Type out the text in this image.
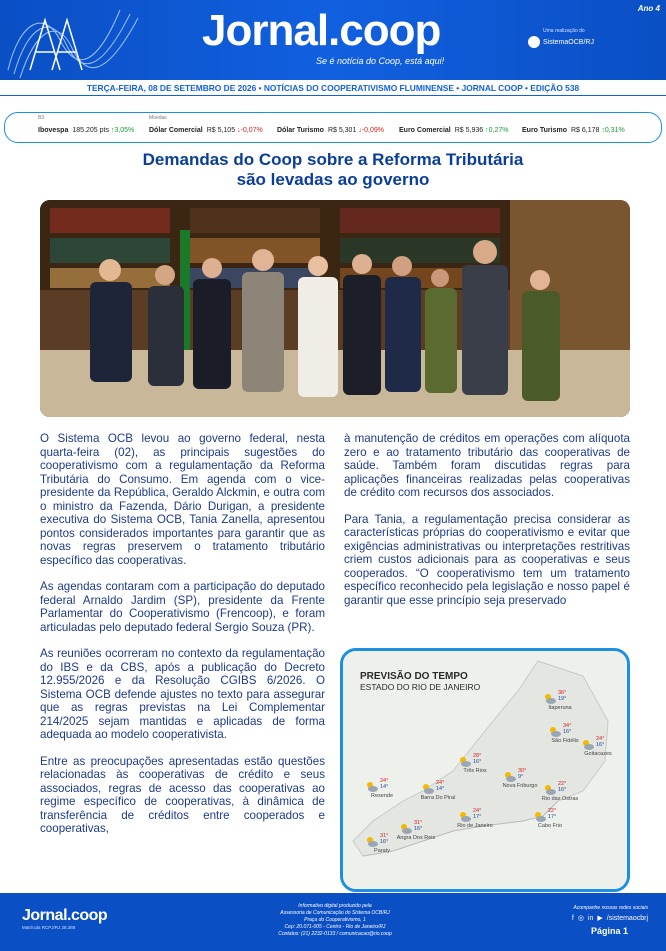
Jornal.coop
Se é notícia do Coop, está aqui!
Ano 4
Uma realização do
SistemaOCB/RJ
TERÇA-FEIRA, 08 DE SETEMBRO DE 2026 • NOTÍCIAS DO COOPERATIVISMO FLUMINENSE • JORNAL COOP • EDIÇÃO 538
B3	Moedas
Ibovespa 185.205 pts ↑3,05% Dólar Comercial R$ 5,105 ↓-0,07% Dólar Turismo R$ 5,301 ↓-0,09% Euro Comercial R$ 5,936 ↑0,27% Euro Turismo R$ 6,178 ↑0,31%
Demandas do Coop sobre a Reforma Tributária
são levadas ao governo

O Sistema OCB levou ao governo federal, nesta quarta-feira (02), as principais sugestões do cooperativismo com a regulamentação da Reforma Tributária do Consumo. Em agenda com o vice-presidente da República, Geraldo Alckmin, e outra com o ministro da Fazenda, Dário Durigan, a presidente executiva do Sistema OCB, Tania Zanella, apresentou pontos considerados importantes para garantir que as novas regras preservem o tratamento tributário específico das cooperativas.

As agendas contaram com a participação do deputado federal Arnaldo Jardim (SP), presidente da Frente Parlamentar do Cooperativismo (Frencoop), e foram articuladas pelo deputado federal Sergio Souza (PR).

As reuniões ocorreram no contexto da regulamentação do IBS e da CBS, após a publicação do Decreto 12.955/2026 e da Resolução CGIBS 6/2026. O Sistema OCB defende ajustes no texto para assegurar que as regras previstas na Lei Complementar 214/2025 sejam mantidas e aplicadas de forma adequada ao modelo cooperativista.

Entre as preocupações apresentadas estão questões relacionadas às cooperativas de crédito e seus associados, regras de acesso das cooperativas ao regime específico de cooperativas, à dinâmica de transferência de créditos entre cooperados e cooperativas,

à manutenção de créditos em operações com alíquota zero e ao tratamento tributário das cooperativas de saúde. Também foram discutidas regras para aplicações financeiras realizadas pelas cooperativas de crédito com recursos dos associados.

Para Tania, a regulamentação precisa considerar as características próprias do cooperativismo e evitar que exigências administrativas ou interpretações restritivas criem custos adicionais para as cooperativas e seus cooperados. “O cooperativismo tem um tratamento específico reconhecido pela legislação e nosso papel é garantir que esse princípio seja preservado

PREVISÃO DO TEMPO
ESTADO DO RIO DE JANEIRO
36°
19°
Itaperuna
34°
16°
São Fidélis	24°
16°
Goitacazes
28°
16°
Três Rios	30°
9°
Nova Friburgo
24°
14°
Resende
24°
14°
Barra Do Piraí
22°
16°
Rio das Ostras
24°
17°
Rio de Janeiro
22°
17°
Cabo Frio
31°
16°
Angra Dos Reis
31°
16°
Paraty
Jornal.coop
Matrícula RCPJ/RJ 28.369
Informativo digital produzido pela
Assessoria de Comunicação do Sistema OCB/RJ
Praça do Cooperativismo, 1
Cep: 20.071-005 - Centro - Rio de Janeiro/RJ
Contatos: (21) 2232-0133 / comunicacao@rio.coop
Acompanhe nossas redes sociais
f ◎ in ▶ /sistemaocbrj
Página 1
